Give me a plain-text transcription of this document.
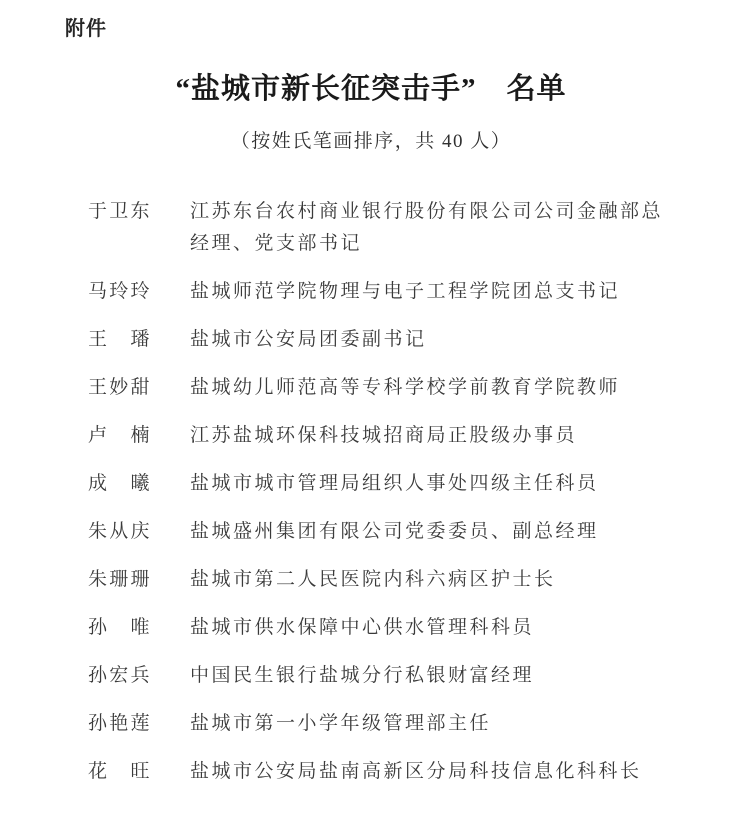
附件
“盐城市新长征突击手”　名单
（按姓氏笔画排序，共 40 人）
于卫东 江苏东台农村商业银行股份有限公司公司金融部总经理、党支部书记
马玲玲 盐城师范学院物理与电子工程学院团总支书记
王璠 盐城市公安局团委副书记
王妙甜 盐城幼儿师范高等专科学校学前教育学院教师
卢楠 江苏盐城环保科技城招商局正股级办事员
成曦 盐城市城市管理局组织人事处四级主任科员
朱从庆 盐城盛州集团有限公司党委委员、副总经理
朱珊珊 盐城市第二人民医院内科六病区护士长
孙唯 盐城市供水保障中心供水管理科科员
孙宏兵 中国民生银行盐城分行私银财富经理
孙艳莲 盐城市第一小学年级管理部主任
花旺 盐城市公安局盐南高新区分局科技信息化科科长
